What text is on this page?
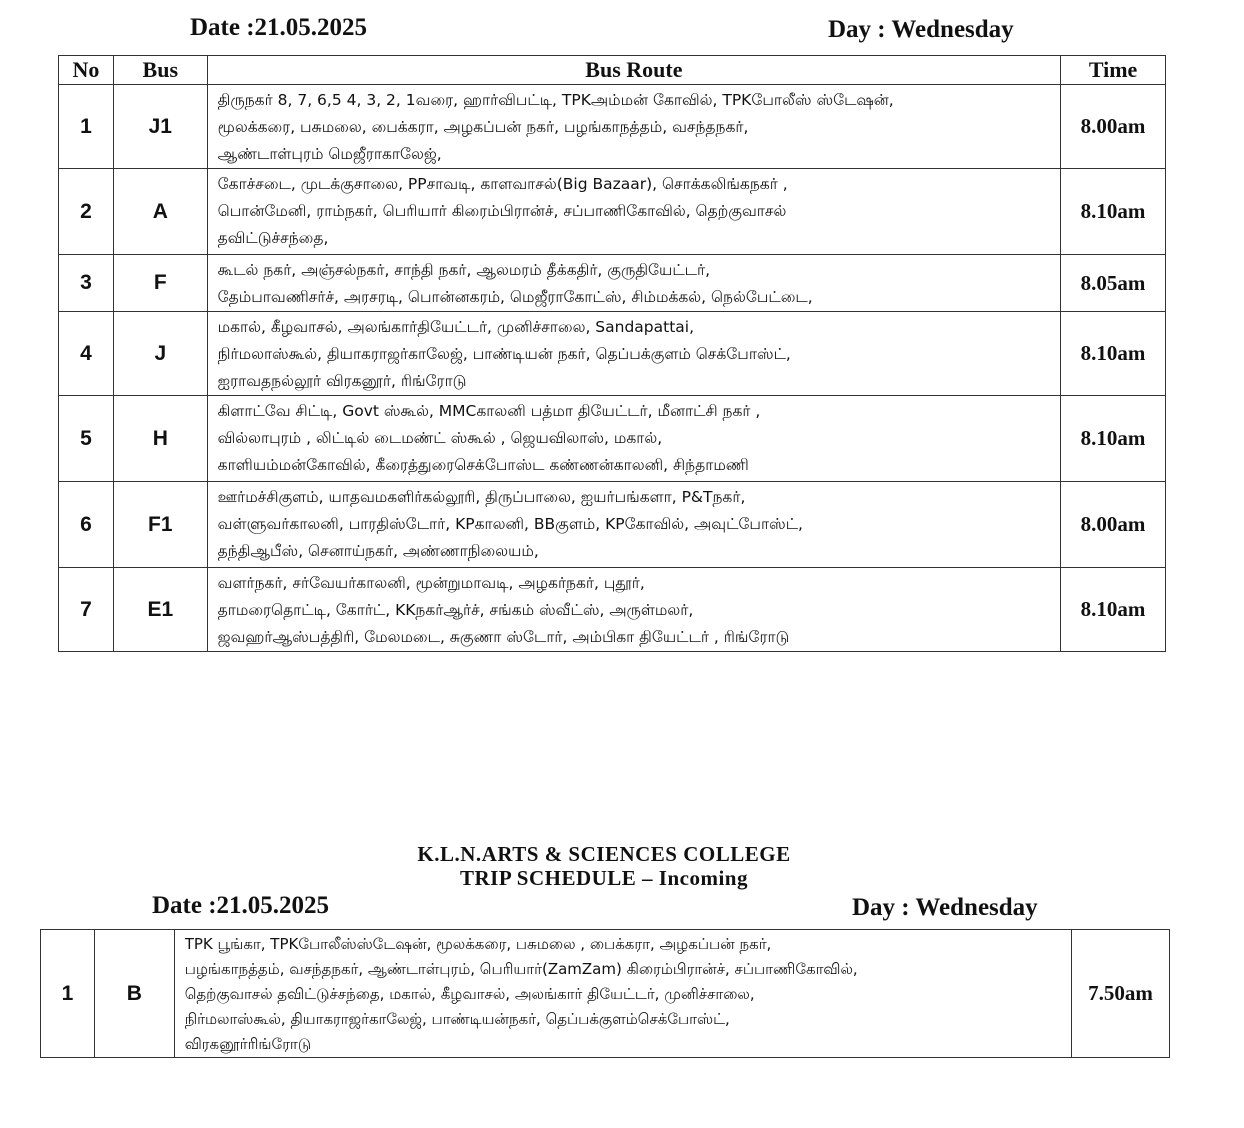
Date :21.05.2025	Day : Wednesday
No	Bus	Bus Route	Time
1	J1	திருநகர் 8, 7, 6,5 4, 3, 2, 1வரை, ஹார்விபட்டி, TPKஅம்மன் கோவில், TPKபோலீஸ் ஸ்டேஷன்,
மூலக்கரை, பசுமலை, பைக்கரா, அழகப்பன் நகர், பழங்காநத்தம், வசந்தநகர்,
ஆண்டாள்புரம் மெஜீராகாலேஜ்,	8.00am
2	A	கோச்சடை, முடக்குசாலை, PPசாவடி, காளவாசல்(Big Bazaar), சொக்கலிங்கநகர் ,
பொன்மேனி, ராம்நகர், பெரியார் கிரைம்பிரான்ச், சப்பாணிகோவில், தெற்குவாசல்
தவிட்டுச்சந்தை,	8.10am
3	F	கூடல் நகர், அஞ்சல்நகர், சாந்தி நகர், ஆலமரம் தீக்கதிர், குருதியேட்டர்,
தேம்பாவணிசர்ச், அரசரடி, பொன்னகரம், மெஜீராகோட்ஸ், சிம்மக்கல், நெல்பேட்டை,	8.05am
4	J	மகால், கீழவாசல், அலங்கார்தியேட்டர், முனிச்சாலை, Sandapattai,
நிர்மலாஸ்கூல், தியாகராஜர்காலேஜ், பாண்டியன் நகர், தெப்பக்குளம் செக்போஸ்ட்,
ஐராவதநல்லூர் விரகனூர், ரிங்ரோடு	8.10am
5	H	கிளாட்வே சிட்டி, Govt ஸ்கூல், MMCகாலனி பத்மா தியேட்டர், மீனாட்சி நகர் ,
வில்லாபுரம் , லிட்டில் டைமண்ட் ஸ்கூல் , ஜெயவிலாஸ், மகால்,
காளியம்மன்கோவில், கீரைத்துரைசெக்போஸ்ட கண்ணன்காலனி, சிந்தாமணி	8.10am
6	F1	ஊர்மச்சிகுளம், யாதவமகளிர்கல்லூரி, திருப்பாலை, ஐயர்பங்களா, P&Tநகர்,
வள்ளுவர்காலனி, பாரதிஸ்டோர், KPகாலனி, BBகுளம், KPகோவில், அவுட்போஸ்ட்,
தந்திஆபீஸ், செனாய்நகர், அண்ணாநிலையம்,	8.00am
7	E1	வளர்நகர், சர்வேயர்காலனி, மூன்றுமாவடி, அழகர்நகர், புதூர்,
தாமரைதொட்டி, கோர்ட், KKநகர்ஆர்ச், சங்கம் ஸ்வீட்ஸ், அருள்மலர்,
ஜவஹர்ஆஸ்பத்திரி, மேலமடை, சுகுணா ஸ்டோர், அம்பிகா தியேட்டர் , ரிங்ரோடு	8.10am
K.L.N.ARTS & SCIENCES COLLEGE
TRIP SCHEDULE – Incoming
Date :21.05.2025	Day : Wednesday
1	B	
TPK பூங்கா, TPKபோலீஸ்ஸ்டேஷன், மூலக்கரை, பசுமலை , பைக்கரா, அழகப்பன் நகர்,
பழங்காநத்தம், வசந்தநகர், ஆண்டாள்புரம், பெரியார்(ZamZam) கிரைம்பிரான்ச், சப்பாணிகோவில்,
தெற்குவாசல் தவிட்டுச்சந்தை, மகால், கீழவாசல், அலங்கார் தியேட்டர், முனிச்சாலை,
நிர்மலாஸ்கூல், தியாகராஜர்காலேஜ், பாண்டியன்நகர், தெப்பக்குளம்செக்போஸ்ட்,
விரகனூர்ரிங்ரோடு
	7.50am
